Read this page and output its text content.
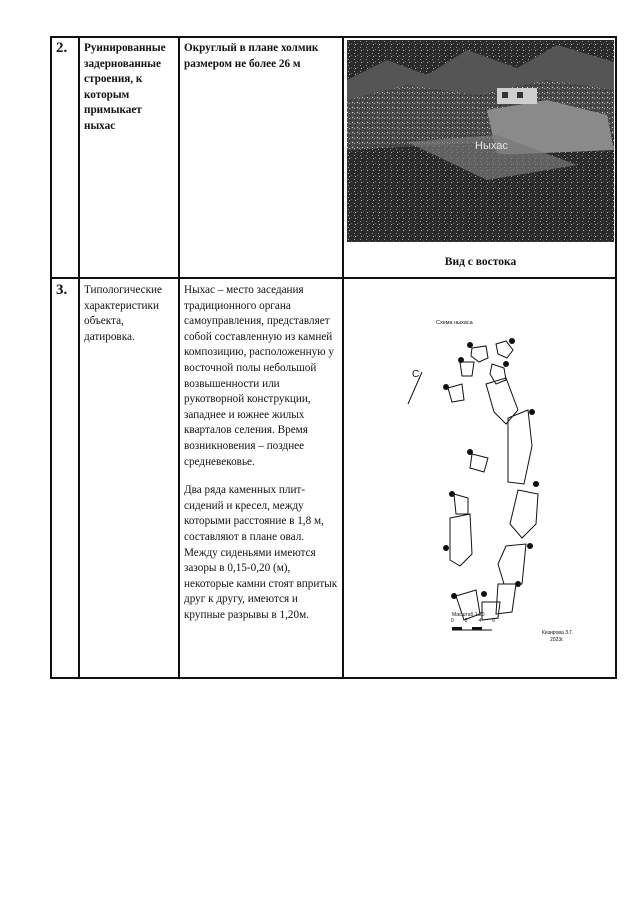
2. Руинированные задернованные строения, к которым примыкает ныхас
Округлый в плане холмик размером не более 26 м
Ныхас
Вид с востока
3. Типологические характеристики объекта, датировка.

Ныхас – место заседания традиционного органа самоуправления, представляет собой составленную из камней композицию, расположенную у восточной полы небольшой возвышенности или рукотворной конструкции, западнее и южнее жилых кварталов селения. Время возникновения – позднее средневековье.

Два ряда каменных плит-сидений и кресел, между которыми расстояние в 1,8 м, составляют в плане овал. Между сиденьями имеются зазоры в 0,15-0,20 (м), некоторые камни стоят впритык друг к другу, имеются и крупные разрывы в 1,20м.

Схема ныхаса
С
Масштаб 1:20
0 2 4 6
Кизирова З.Г.
2023г.
